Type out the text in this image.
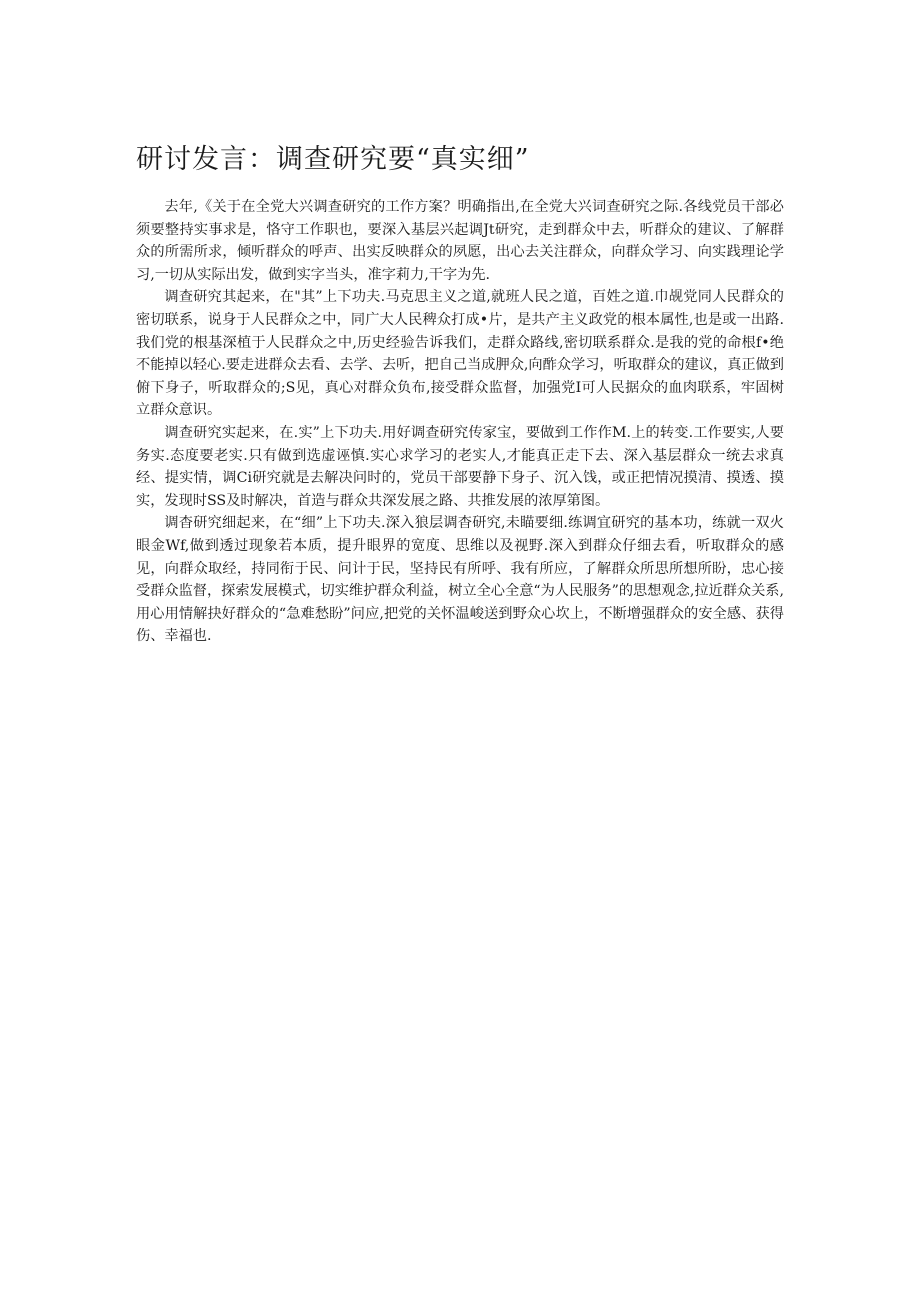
研讨发言：调查研究要“真实细”

去年,《关于在全党大兴调查研究的工作方案？明确指出,在全党大兴词查研究之际.各线党员干部必须要整持实事求是，恪守工作职也，要深入基层兴起调Jt研究，走到群众中去，听群众的建议、了解群众的所需所求，倾听群众的呼声、出实反映群众的夙愿，出心去关注群众，向群众学习、向实践理论学习,一切从实际出发，做到实字当头，准字莉力,干字为先.

调查研究其起来，在"其”上下功夫.马克思主义之道,就班人民之道，百姓之道.巾觇党同人民群众的密切联系，说身于人民群众之中，同广大人民稗众打成•片，是共产主义政党的根本属性,也是或一出路.我们党的根基深植于人民群众之中,历史经验告诉我们，走群众路线,密切联系群众.是我的党的命根f•绝不能掉以轻心.要走进群众去看、去学、去听，把自己当成胛众,向酢众学习，听取群众的建议，真正做到俯下身子，听取群众的;S见，真心对群众负布,接受群众监督，加强党I可人民据众的血肉联系，牢固树立群众意识。

调查研究实起来，在.实”上下功夫.用好调查研究传家宝，要做到工作作M.上的转变.工作要实,人要务实.态度要老实.只有做到选虚诬慎.实心求学习的老实人,才能真正走下去、深入基层群众一统去求真经、提实情，调Ci研究就是去解决问时的，党员干部要静下身子、沉入饯，或正把情况摸清、摸透、摸实，发现时SS及时解决，首造与群众共深发展之路、共推发展的浓厚第图。

调杳研究细起来，在“细”上下功夫.深入狼层调杳研究,未瞄要细.练调宜研究的基本功，练就一双火眼金Wf,做到透过现象若本质，提升眼界的宽度、思维以及视野.深入到群众仔细去看，听取群众的感见，向群众取经，持同衔于民、问计于民，坚持民有所呼、我有所应，了解群众所思所想所盼，忠心接受群众监督，探索发展模式，切实维护群众利益，树立全心全意“为人民服务”的思想观念,拉近群众关系,用心用情解抉好群众的“急难愁盼”问应,把党的关怀温峻送到野众心坎上，不断增强群众的安全感、获得伤、幸福也.
